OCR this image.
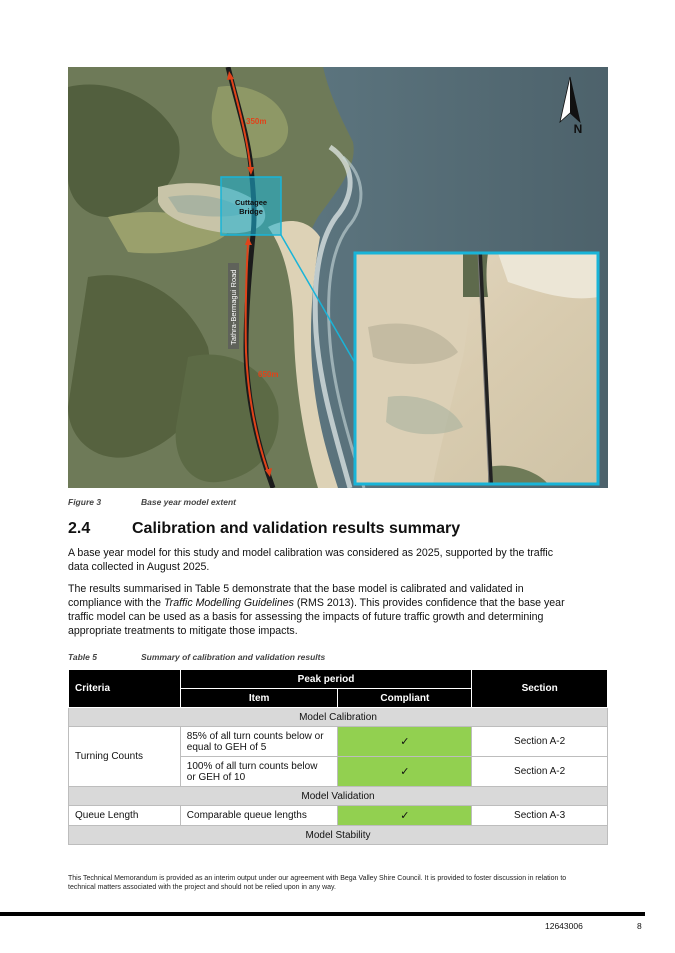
350m
650m
Tathra-Bermagui Road
Cuttagee
Bridge
N
Figure 3	Base year model extent
2.4	Calibration and validation results summary

A base year model for this study and model calibration was considered as 2025, supported by the traffic
data collected in August 2025.

The results summarised in Table 5 demonstrate that the base model is calibrated and validated in
compliance with the Traffic Modelling Guidelines (RMS 2013). This provides confidence that the base year
traffic model can be used as a basis for assessing the impacts of future traffic growth and determining
appropriate treatments to mitigate those impacts.

Table 5	Summary of calibration and validation results
Criteria	Peak period		Section
	Item	Compliant	
Model Calibration			
Turning Counts	85% of all turn counts below or
equal to GEH of 5	✓	Section A-2
	100% of all turn counts below
or GEH of 10	✓	Section A-2
Model Validation			
Queue Length	Comparable queue lengths	✓	Section A-3
Model Stability			
This Technical Memorandum is provided as an interim output under our agreement with Bega Valley Shire Council. It is provided to foster discussion in relation to
technical matters associated with the project and should not be relied upon in any way.
12643006	8
